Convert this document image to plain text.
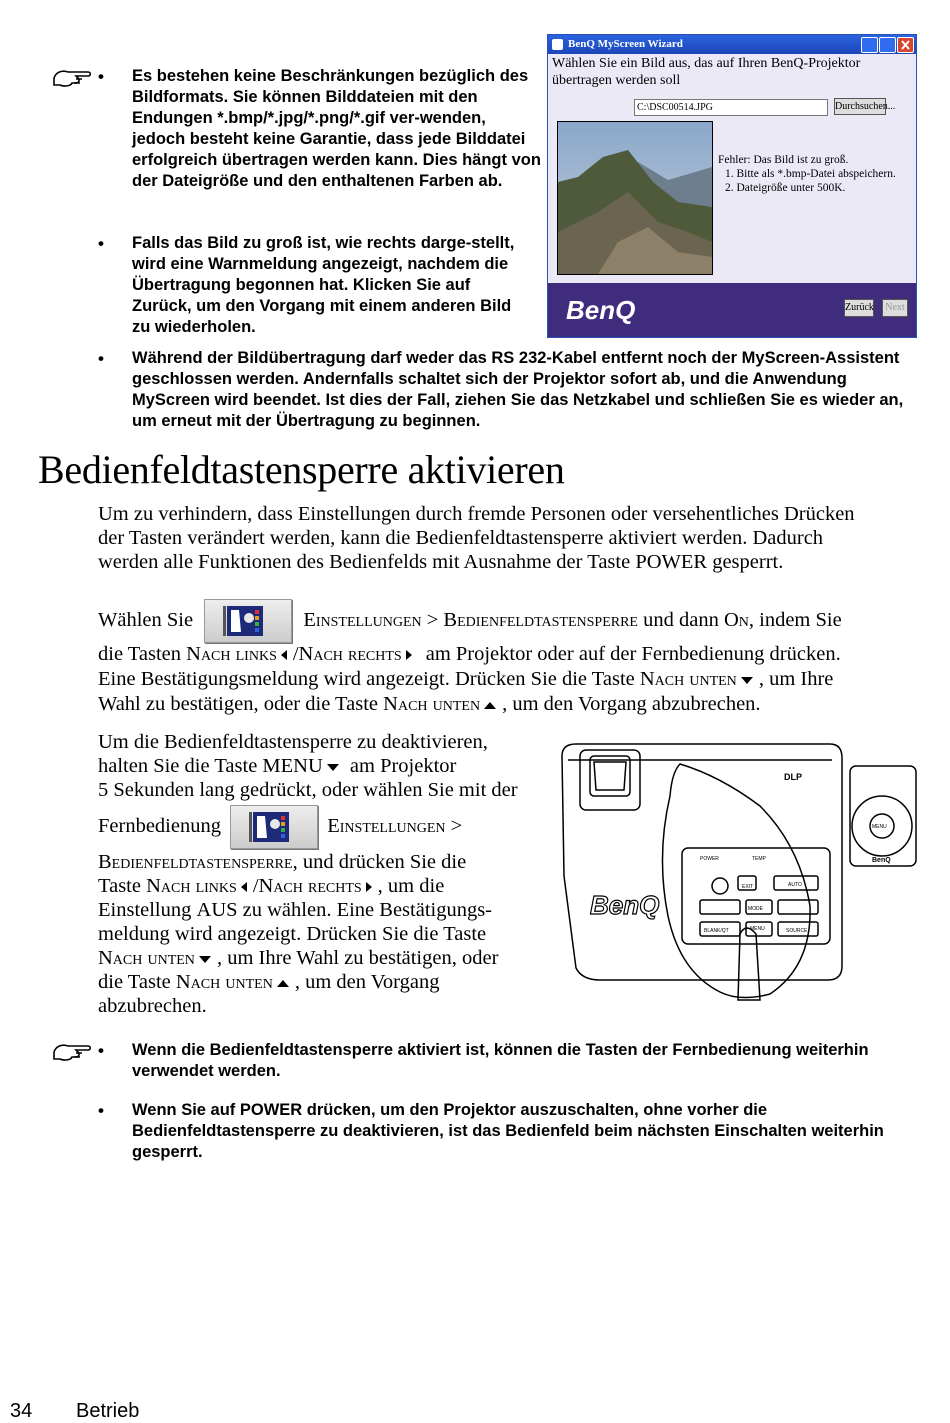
• Es bestehen keine Beschränkungen bezüglich des Bildformats. Sie können Bilddateien mit den Endungen *.bmp/*.jpg/*.png/*.gif ver-wenden, jedoch besteht keine Garantie, dass jede Bilddatei erfolgreich übertragen werden kann. Dies hängt von der Dateigröße und den enthaltenen Farben ab.
• Falls das Bild zu groß ist, wie rechts darge-stellt, wird eine Warnmeldung angezeigt, nachdem die Übertragung begonnen hat. Klicken Sie auf Zurück, um den Vorgang mit einem anderen Bild zu wiederholen.
• Während der Bildübertragung darf weder das RS 232-Kabel entfernt noch der MyScreen-Assistent geschlossen werden. Andernfalls schaltet sich der Projektor sofort ab, und die Anwendung MyScreen wird beendet. Ist dies der Fall, ziehen Sie das Netzkabel und schließen Sie es wieder an, um erneut mit der Übertragung zu beginnen.
BenQ MyScreen Wizard
Wählen Sie ein Bild aus, das auf Ihren BenQ-Projektor
übertragen werden soll
C:\DSC00514.JPG	Durchsuchen...
Fehler: Das Bild ist zu groß.
1. Bitte als *.bmp-Datei abspeichern.
2. Dateigröße unter 500K.
BenQ	Zurück	Next
Bedienfeldtastensperre aktivieren
Um zu verhindern, dass Einstellungen durch fremde Personen oder versehentliches Drücken
der Tasten verändert werden, kann die Bedienfeldtastensperre aktiviert werden. Dadurch
werden alle Funktionen des Bedienfelds mit Ausnahme der Taste POWER gesperrt.
Wählen Sie	Einstellungen > Bedienfeldtastensperre und dann On, indem Sie
die Tasten Nach links /Nach rechts am Projektor oder auf der Fernbedienung drücken.
Eine Bestätigungsmeldung wird angezeigt. Drücken Sie die Taste Nach unten , um Ihre
Wahl zu bestätigen, oder die Taste Nach unten , um den Vorgang abzubrechen.
Um die Bedienfeldtastensperre zu deaktivieren,
halten Sie die Taste MENU am Projektor
5 Sekunden lang gedrückt, oder wählen Sie mit der
Fernbedienung	Einstellungen >
Bedienfeldtastensperre, und drücken Sie die
Taste Nach links /Nach rechts , um die
Einstellung AUS zu wählen. Eine Bestätigungs-
meldung wird angezeigt. Drücken Sie die Taste
Nach unten , um Ihre Wahl zu bestätigen, oder
die Taste Nach unten , um den Vorgang
abzubrechen.
BenQ
DLP
POWER	TEMP
EXIT	AUTO
MODE
BLANK/QT	MENU	SOURCE
MENU
BenQ
• Wenn die Bedienfeldtastensperre aktiviert ist, können die Tasten der Fernbedienung weiterhin verwendet werden.
• Wenn Sie auf POWER drücken, um den Projektor auszuschalten, ohne vorher die Bedienfeldtastensperre zu deaktivieren, ist das Bedienfeld beim nächsten Einschalten weiterhin gesperrt.
34 Betrieb
